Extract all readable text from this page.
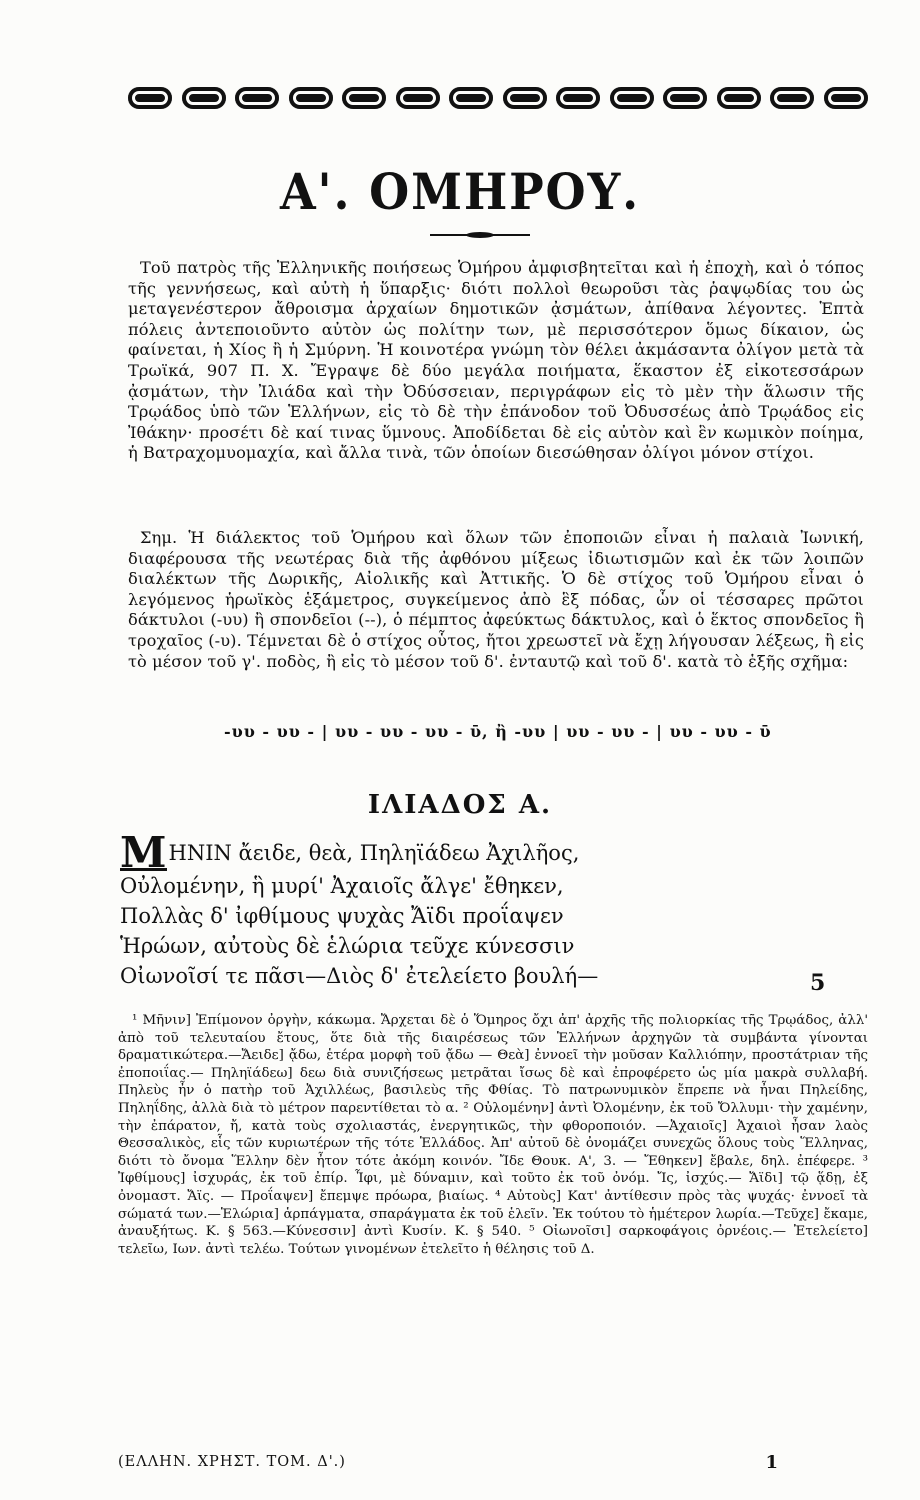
Α'. ΟΜΗΡΟΥ.
Τοῦ πατρὸς τῆς Ἑλληνικῆς ποιήσεως Ὁμήρου ἀμφισβητεῖται καὶ ἡ ἐποχὴ, καὶ ὁ τόπος τῆς γεννήσεως, καὶ αὐτὴ ἡ ὕπαρξις· διότι πολλοὶ θεωροῦσι τὰς ῥαψῳδίας του ὡς μεταγενέστερον ἄθροισμα ἀρχαίων δημοτικῶν ᾀσμάτων, ἀπίθανα λέγοντες. Ἑπτὰ πόλεις ἀντεποιοῦντο αὐτὸν ὡς πολίτην των, μὲ περισσότερον ὅμως δίκαιον, ὡς φαίνεται, ἡ Χίος ἢ ἡ Σμύρνη. Ἡ κοινοτέρα γνώμη τὸν θέλει ἀκμάσαντα ὀλίγον μετὰ τὰ Τρωϊκά, 907 Π. Χ. Ἔγραψε δὲ δύο μεγάλα ποιήματα, ἕκαστον ἐξ εἰκοτεσσάρων ᾀσμάτων, τὴν Ἰλιάδα καὶ τὴν Ὀδύσσειαν, περιγράφων εἰς τὸ μὲν τὴν ἅλωσιν τῆς Τρῳάδος ὑπὸ τῶν Ἑλλήνων, εἰς τὸ δὲ τὴν ἐπάνοδον τοῦ Ὀδυσσέως ἀπὸ Τρῳάδος εἰς Ἰθάκην· προσέτι δὲ καί τινας ὕμνους. Ἀποδίδεται δὲ εἰς αὐτὸν καὶ ἓν κωμικὸν ποίημα, ἡ Βατραχομυομαχία, καὶ ἄλλα τινὰ, τῶν ὁποίων διεσώθησαν ὀλίγοι μόνον στίχοι.
Σημ. Ἡ διάλεκτος τοῦ Ὁμήρου καὶ ὅλων τῶν ἐποποιῶν εἶναι ἡ παλαιὰ Ἰωνική, διαφέρουσα τῆς νεωτέρας διὰ τῆς ἀφθόνου μίξεως ἰδιωτισμῶν καὶ ἐκ τῶν λοιπῶν διαλέκτων τῆς Δωρικῆς, Αἰολικῆς καὶ Ἀττικῆς. Ὁ δὲ στίχος τοῦ Ὁμήρου εἶναι ὁ λεγόμενος ἡρωϊκὸς ἑξάμετρος, συγκείμενος ἀπὸ ἓξ πόδας, ὧν οἱ τέσσαρες πρῶτοι δάκτυλοι (-υυ) ἢ σπονδεῖοι (--), ὁ πέμπτος ἀφεύκτως δάκτυλος, καὶ ὁ ἕκτος σπονδεῖος ἢ τροχαῖος (-υ). Τέμνεται δὲ ὁ στίχος οὗτος, ἤτοι χρεωστεῖ νὰ ἔχῃ λήγουσαν λέξεως, ἢ εἰς τὸ μέσον τοῦ γ'. ποδὸς, ἢ εἰς τὸ μέσον τοῦ δ'. ἐνταυτῷ καὶ τοῦ δ'. κατὰ τὸ ἑξῆς σχῆμα:
-υυ - υυ - | υυ - υυ - υυ - ῡ, ἢ -υυ | υυ - υυ - | υυ - υυ - ῡ
ΙΛΙΑΔΟΣ Α.
ΜΗΝΙΝ ἄειδε, θεὰ, Πηληϊάδεω Ἀχιλῆος,
Οὐλομένην, ἣ μυρί' Ἀχαιοῖς ἄλγε' ἔθηκεν,
Πολλὰς δ' ἰφθίμους ψυχὰς Ἄϊδι προΐαψεν
Ἡρώων, αὐτοὺς δὲ ἑλώρια τεῦχε κύνεσσιν
Οἰωνοῖσί τε πᾶσι—Διὸς δ' ἐτελείετο βουλή—	5

¹ Μῆνιν] Ἐπίμονον ὀργὴν, κάκωμα. Ἄρχεται δὲ ὁ Ὅμηρος ὄχι ἀπ' ἀρχῆς τῆς πολιορκίας τῆς Τρῳάδος, ἀλλ' ἀπὸ τοῦ τελευταίου ἔτους, ὅτε διὰ τῆς διαιρέσεως τῶν Ἑλλήνων ἀρχηγῶν τὰ συμβάντα γίνονται δραματικώτερα.—Ἄειδε] ᾄδω, ἑτέρα μορφὴ τοῦ ᾄδω — Θεὰ] ἐννοεῖ τὴν μοῦσαν Καλλιόπην, προστάτριαν τῆς ἐποποιΐας.— Πηληϊάδεω] δεω διὰ συνιζήσεως μετρᾶται ἴσως δὲ καὶ ἐπροφέρετο ὡς μία μακρὰ συλλαβή. Πηλεὺς ἦν ὁ πατὴρ τοῦ Ἀχιλλέως, βασιλεὺς τῆς Φθίας. Τὸ πατρωνυμικὸν ἔπρεπε νὰ ἦναι Πηλείδης, Πηληΐδης, ἀλλὰ διὰ τὸ μέτρον παρεντίθεται τὸ α. ² Οὐλομένην] ἀντὶ Ὀλομένην, ἐκ τοῦ Ὄλλυμι· τὴν χαμένην, τὴν ἐπάρατον, ἤ, κατὰ τοὺς σχολιαστάς, ἐνεργητικῶς, τὴν φθοροποιόν. —Ἀχαιοῖς] Ἀχαιοὶ ἦσαν λαὸς Θεσσαλικὸς, εἷς τῶν κυριωτέρων τῆς τότε Ἑλλάδος. Ἀπ' αὐτοῦ δὲ ὀνομάζει συνεχῶς ὅλους τοὺς Ἕλληνας, διότι τὸ ὄνομα Ἕλλην δὲν ἦτον τότε ἀκόμη κοινόν. Ἴδε Θουκ. Α', 3. — Ἔθηκεν] ἔβαλε, δηλ. ἐπέφερε. ³ Ἰφθίμους] ἰσχυράς, ἐκ τοῦ ἐπίρ. Ἶφι, μὲ δύναμιν, καὶ τοῦτο ἐκ τοῦ ὀνόμ. Ἴς, ἰσχύς.— Ἄϊδι] τῷ ᾅδῃ, ἐξ ὀνομαστ. Ἄϊς. — Προΐαψεν] ἔπεμψε πρόωρα, βιαίως. ⁴ Αὐτοὺς] Κατ' ἀντίθεσιν πρὸς τὰς ψυχάς· ἐννοεῖ τὰ σώματά των.—Ἑλώρια] ἁρπάγματα, σπαράγματα ἐκ τοῦ ἑλεῖν. Ἐκ τούτου τὸ ἡμέτερον λωρία.—Τεῦχε] ἔκαμε, ἀναυξήτως. Κ. § 563.—Κύνεσσιν] ἀντὶ Κυσίν. Κ. § 540. ⁵ Οἰωνοῖσι] σαρκοφάγοις ὀρνέοις.— Ἐτελείετο] τελεῖω, Ιων. ἀντὶ τελέω. Τούτων γινομένων ἐτελεῖτο ἡ θέλησις τοῦ Δ.

(ΕΛΛΗΝ. ΧΡΗΣΤ. ΤΟΜ. Δ'.)	1
